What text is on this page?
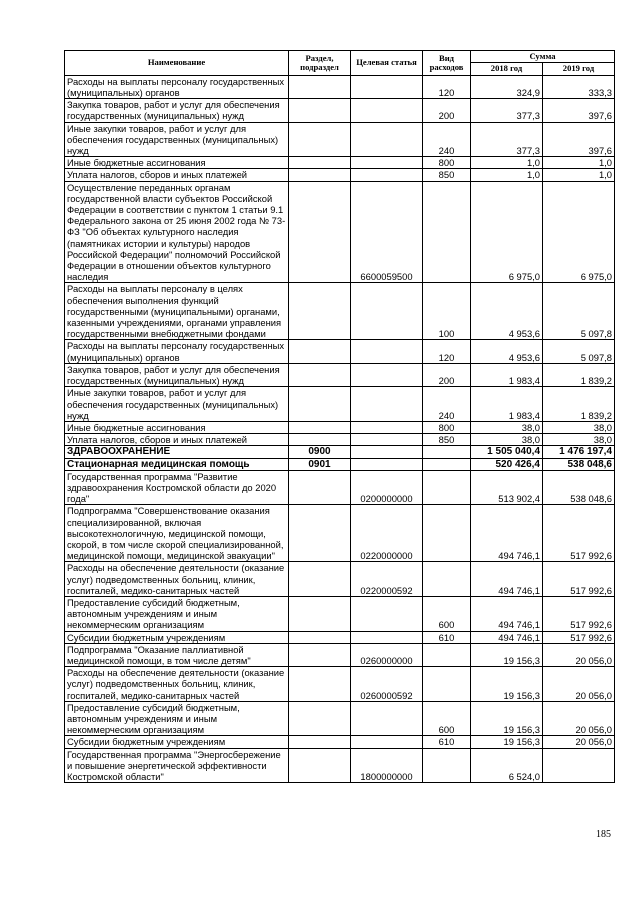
Наименование	Раздел, подраздел	Целевая статья	Вид расходов	Сумма	
				2018 год	2019 год
Расходы на выплаты персоналу государственных (муниципальных) органов			120	324,9	333,3
Закупка товаров, работ и услуг для обеспечения государственных (муниципальных) нужд			200	377,3	397,6
Иные закупки товаров, работ и услуг для обеспечения государственных (муниципальных) нужд			240	377,3	397,6
Иные бюджетные ассигнования			800	1,0	1,0
Уплата налогов, сборов и иных платежей			850	1,0	1,0
Осуществление переданных органам государственной власти субъектов Российской Федерации в соответствии с пунктом 1 статьи 9.1 Федерального закона от 25 июня 2002 года № 73-ФЗ "Об объектах культурного наследия (памятниках истории и культуры) народов Российской Федерации" полномочий Российской Федерации в отношении объектов культурного наследия		6600059500		6 975,0	6 975,0
Расходы на выплаты персоналу в целях обеспечения выполнения функций государственными (муниципальными) органами, казенными учреждениями, органами управления государственными внебюджетными фондами			100	4 953,6	5 097,8
Расходы на выплаты персоналу государственных (муниципальных) органов			120	4 953,6	5 097,8
Закупка товаров, работ и услуг для обеспечения государственных (муниципальных) нужд			200	1 983,4	1 839,2
Иные закупки товаров, работ и услуг для обеспечения государственных (муниципальных) нужд			240	1 983,4	1 839,2
Иные бюджетные ассигнования			800	38,0	38,0
Уплата налогов, сборов и иных платежей			850	38,0	38,0
ЗДРАВООХРАНЕНИЕ	0900			1 505 040,4	1 476 197,4
Стационарная медицинская помощь	0901			520 426,4	538 048,6
Государственная программа "Развитие здравоохранения Костромской области до 2020 года"		0200000000		513 902,4	538 048,6
Подпрограмма "Совершенствование оказания специализированной, включая высокотехнологичную, медицинской помощи, скорой, в том числе скорой специализированной, медицинской помощи, медицинской эвакуации"		0220000000		494 746,1	517 992,6
Расходы на обеспечение деятельности (оказание услуг) подведомственных больниц, клиник, госпиталей, медико-санитарных частей		0220000592		494 746,1	517 992,6
Предоставление субсидий бюджетным, автономным учреждениям и иным некоммерческим организациям			600	494 746,1	517 992,6
Субсидии бюджетным учреждениям			610	494 746,1	517 992,6
Подпрограмма "Оказание паллиативной медицинской помощи, в том числе детям"		0260000000		19 156,3	20 056,0
Расходы на обеспечение деятельности (оказание услуг) подведомственных больниц, клиник, госпиталей, медико-санитарных частей		0260000592		19 156,3	20 056,0
Предоставление субсидий бюджетным, автономным учреждениям и иным некоммерческим организациям			600	19 156,3	20 056,0
Субсидии бюджетным учреждениям			610	19 156,3	20 056,0
Государственная программа "Энергосбережение и повышение энергетической эффективности Костромской области"		1800000000		6 524,0	
185
